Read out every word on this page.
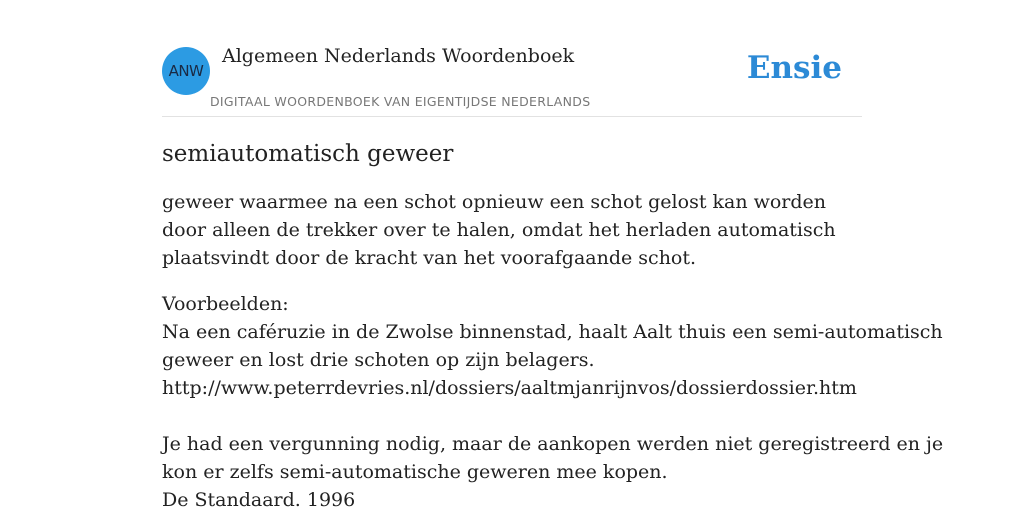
ANW
Algemeen Nederlands Woordenboek
DIGITAAL WOORDENBOEK VAN EIGENTIJDSE NEDERLANDS
Ensie
semiautomatisch geweer

geweer waarmee na een schot opnieuw een schot gelost kan worden door alleen de trekker over te halen, omdat het herladen automatisch plaatsvindt door de kracht van het voorafgaande schot.

Voorbeelden:
Na een caféruzie in de Zwolse binnenstad, haalt Aalt thuis een semi-automatisch
geweer en lost drie schoten op zijn belagers.
http://www.peterrdevries.nl/dossiers/aaltmjanrijnvos/dossierdossier.htm
Je had een vergunning nodig, maar de aankopen werden niet geregistreerd en je
kon er zelfs semi-automatische geweren mee kopen.
De Standaard. 1996
